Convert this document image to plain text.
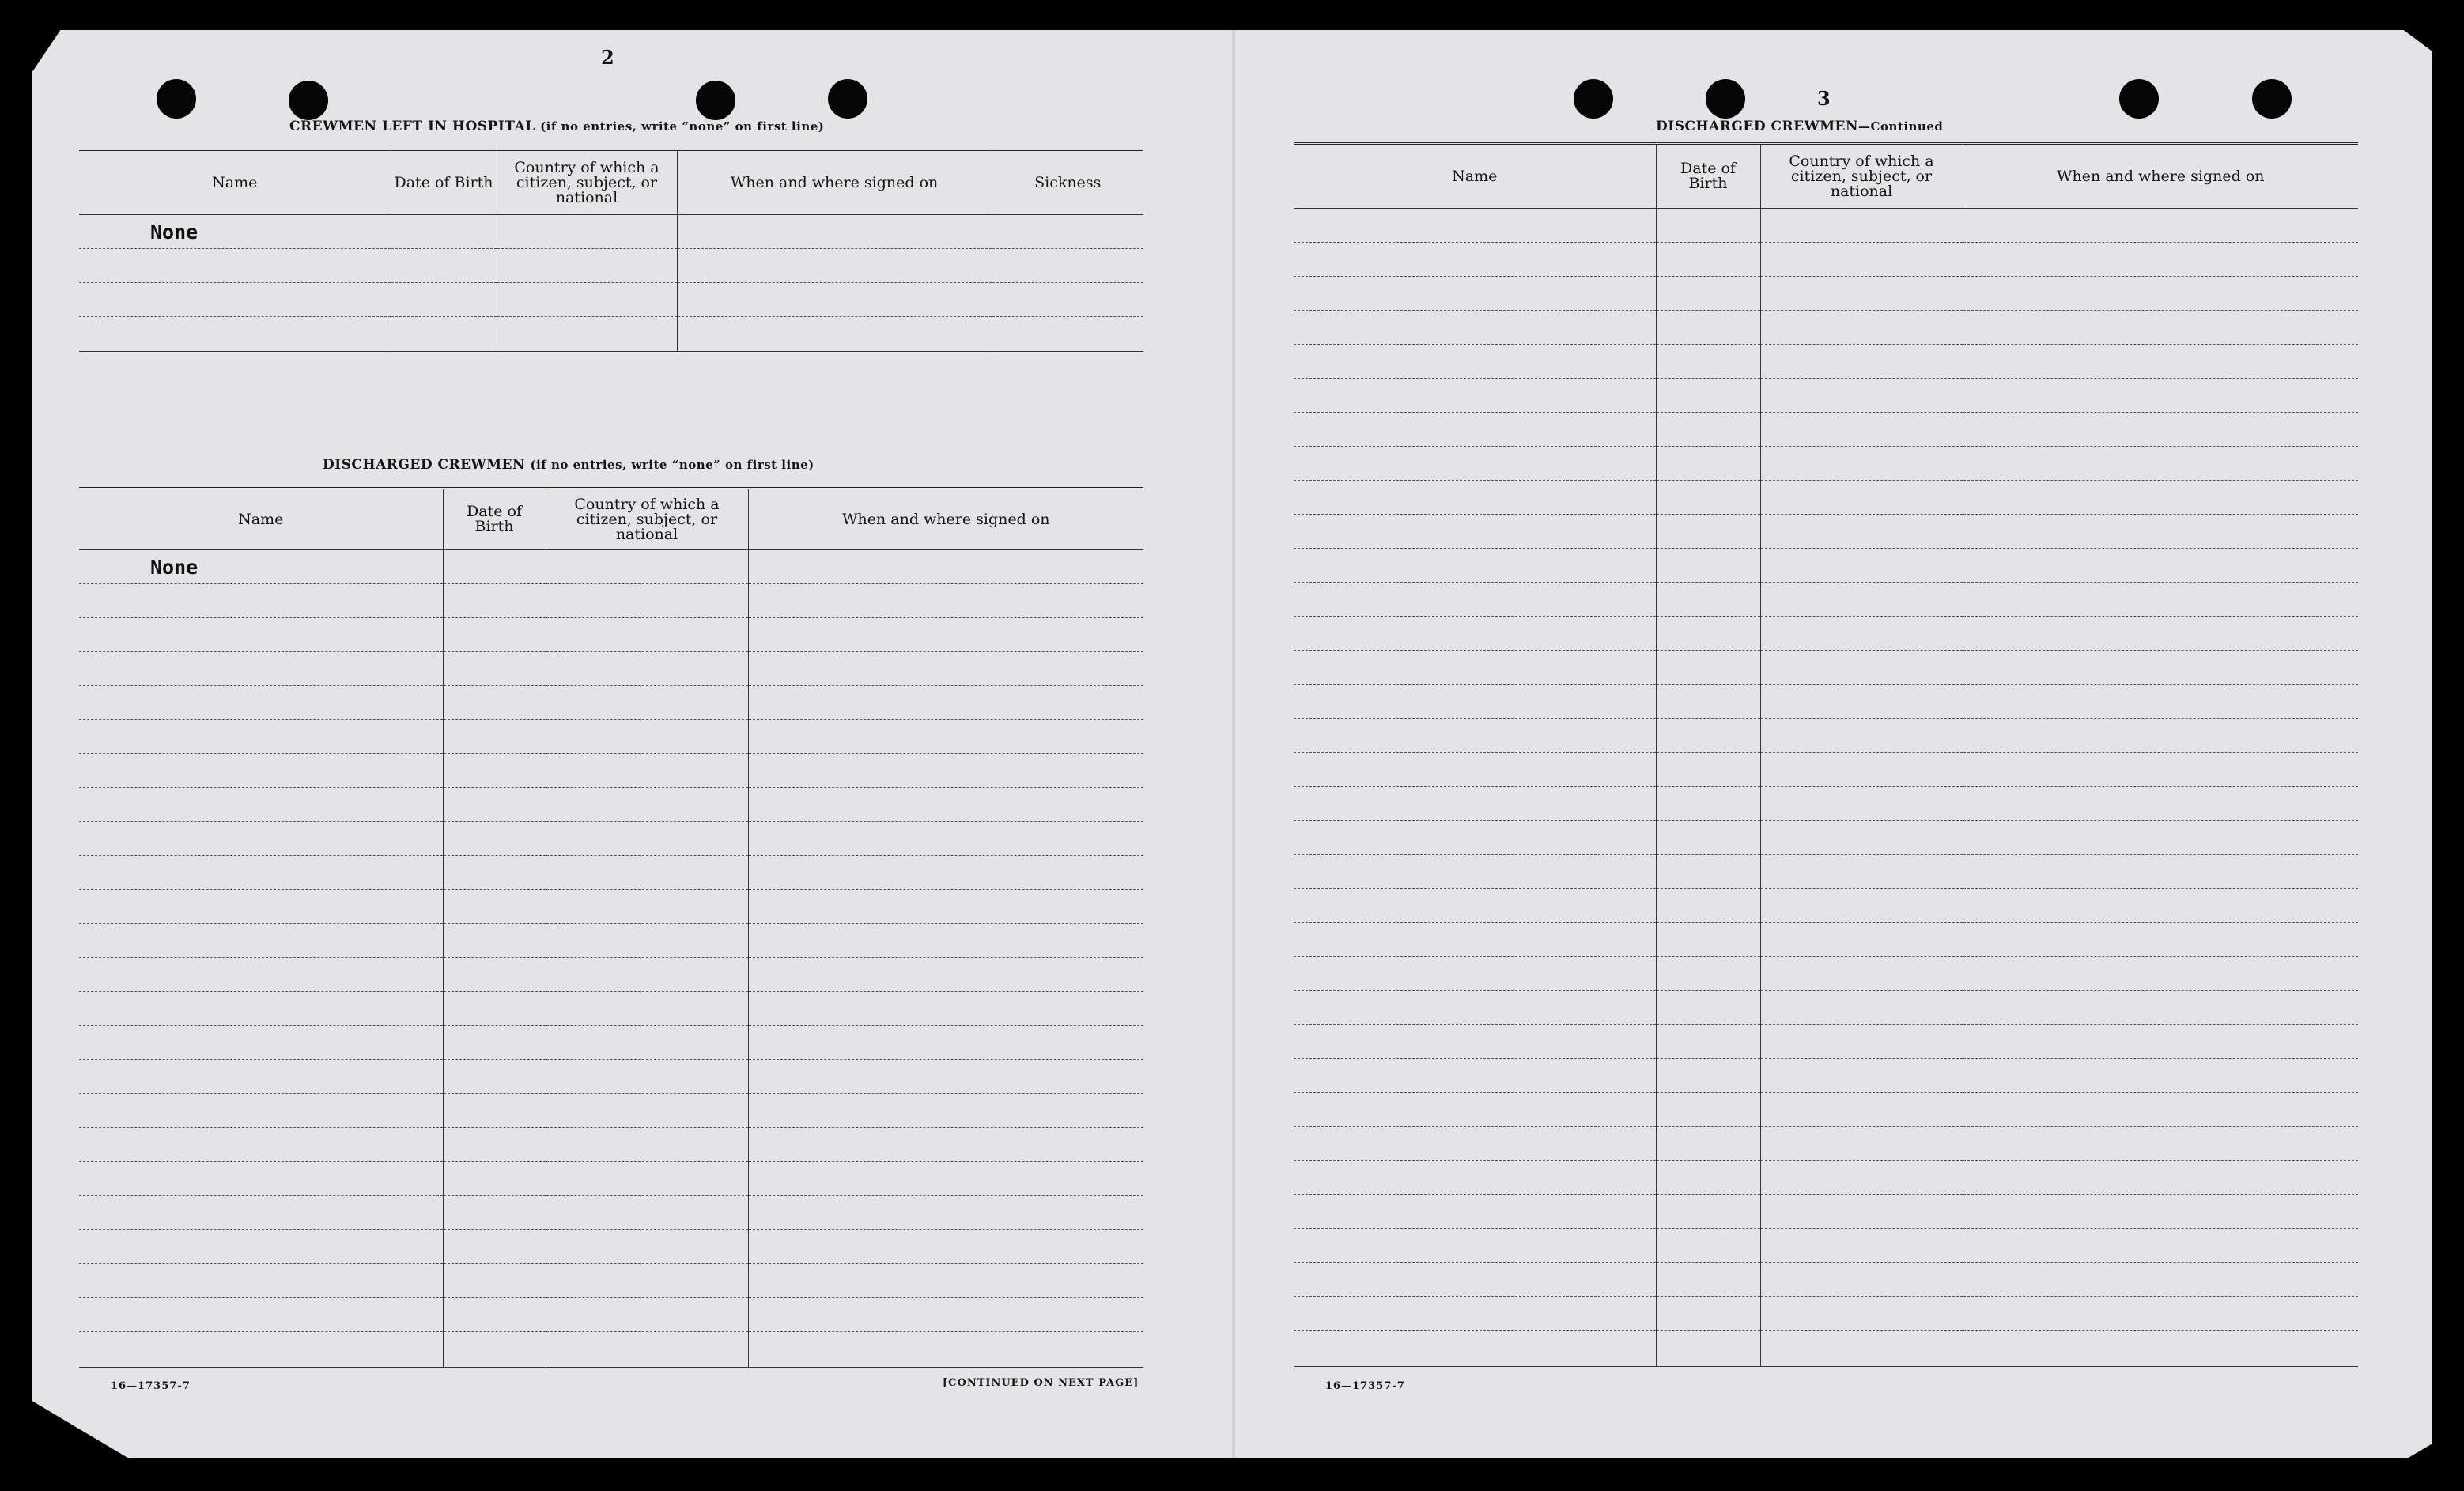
2
CREWMEN LEFT IN HOSPITAL (if no entries, write “none” on first line)
Name	Date of Birth	Country of which a citizen, subject, or national	When and where signed on	Sickness
None				

DISCHARGED CREWMEN (if no entries, write “none” on first line)
Name	Date of Birth	Country of which a citizen, subject, or national	When and where signed on
None			

16—17357-7	[CONTINUED ON NEXT PAGE]
3
DISCHARGED CREWMEN—Continued
Name	Date of Birth	Country of which a citizen, subject, or national	When and where signed on

16—17357-7
